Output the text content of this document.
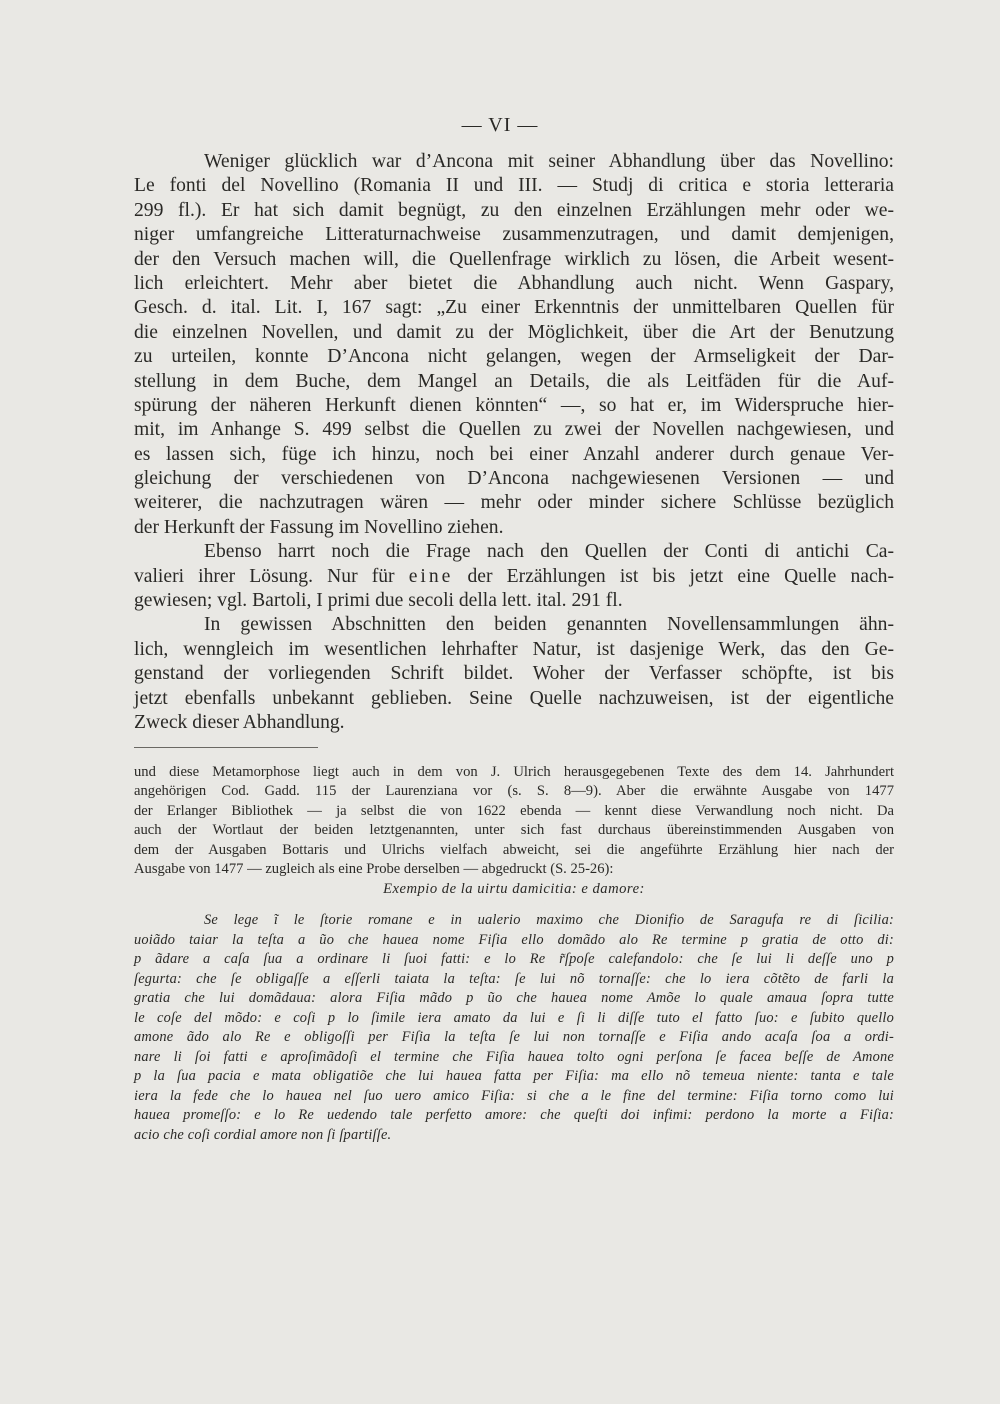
— VI —
Weniger glücklich war d’Ancona mit seiner Abhandlung über das Novellino:
Le fonti del Novellino (Romania II und III. — Studj di critica e storia letteraria
299 fl.). Er hat sich damit begnügt, zu den einzelnen Erzählungen mehr oder we-
niger umfangreiche Litteraturnachweise zusammenzutragen, und damit demjenigen,
der den Versuch machen will, die Quellenfrage wirklich zu lösen, die Arbeit wesent-
lich erleichtert. Mehr aber bietet die Abhandlung auch nicht. Wenn Gaspary,
Gesch. d. ital. Lit. I, 167 sagt: „Zu einer Erkenntnis der unmittelbaren Quellen für
die einzelnen Novellen, und damit zu der Möglichkeit, über die Art der Benutzung
zu urteilen, konnte D’Ancona nicht gelangen, wegen der Armseligkeit der Dar-
stellung in dem Buche, dem Mangel an Details, die als Leitfäden für die Auf-
spürung der näheren Herkunft dienen könnten“ —, so hat er, im Widerspruche hier-
mit, im Anhange S. 499 selbst die Quellen zu zwei der Novellen nachgewiesen, und
es lassen sich, füge ich hinzu, noch bei einer Anzahl anderer durch genaue Ver-
gleichung der verschiedenen von D’Ancona nachgewiesenen Versionen — und
weiterer, die nachzutragen wären — mehr oder minder sichere Schlüsse bezüglich
der Herkunft der Fassung im Novellino ziehen.
Ebenso harrt noch die Frage nach den Quellen der Conti di antichi Ca-
valieri ihrer Lösung. Nur für eine der Erzählungen ist bis jetzt eine Quelle nach-
gewiesen; vgl. Bartoli, I primi due secoli della lett. ital. 291 fl.
In gewissen Abschnitten den beiden genannten Novellensammlungen ähn-
lich, wenngleich im wesentlichen lehrhafter Natur, ist dasjenige Werk, das den Ge-
genstand der vorliegenden Schrift bildet. Woher der Verfasser schöpfte, ist bis
jetzt ebenfalls unbekannt geblieben. Seine Quelle nachzuweisen, ist der eigentliche
Zweck dieser Abhandlung.
und diese Metamorphose liegt auch in dem von J. Ulrich herausgegebenen Texte des dem 14. Jahrhundert
angehörigen Cod. Gadd. 115 der Laurenziana vor (s. S. 8—9). Aber die erwähnte Ausgabe von 1477
der Erlanger Bibliothek — ja selbst die von 1622 ebenda — kennt diese Verwandlung noch nicht. Da
auch der Wortlaut der beiden letztgenannten, unter sich fast durchaus übereinstimmenden Ausgaben von
dem der Ausgaben Bottaris und Ulrichs vielfach abweicht, sei die angeführte Erzählung hier nach der
Ausgabe von 1477 — zugleich als eine Probe derselben — abgedruckt (S. 25-26):
Exempio de la uirtu damicitia: e damore:
Se lege ĩ le ſtorie romane e in ualerio maximo che Dionifio de Saragufa re di ſicilia:
uoiãdo taiar la teſta a ũo che haueа nome Fiſia ello domãdo alo Re termine p gratia de otto di:
p ãdare a caſa ſua a ordinare li ſuoi fatti: e lo Re r̃ſpoſe calefandolo: che ſe lui li deſſe uno p
ſegurta: che ſe obligaſſe a eſſerli taiata la teſta: ſe lui nõ tornaſſe: che lo iera cõtẽto de farli la
gratia che lui domãdaua: alora Fiſia mãdo p ũo che haueа nome Amõe lo quale amaua ſopra tutte
le coſe del mõdo: e coſi p lo ſimile iera amato da lui e ſi li diſſe tuto el fatto ſuo: e ſubito quello
amone ãdo alo Re e obligoſſi per Fiſia la teſta ſe lui non tornaſſe e Fiſia ando acaſa ſoa a ordi-
nare li ſoi fatti e aproſimãdoſi el termine che Fiſia haueа tolto ogni perſona ſe facea beſſe de Amone
p la ſua pacia e mata obligatiõe che lui haueа fatta per Fiſia: ma ello nõ temeua niente: tanta e tale
iera la fede che lo haueа nel ſuo uero amico Fiſia: si che a le fine del termine: Fiſia torno como lui
haueа promeſſo: e lo Re uedendo tale perfetto amore: che queſti doi infimi: perdono la morte a Fiſia:
acio che coſi cordial amore non ſi ſpartiſſe.
